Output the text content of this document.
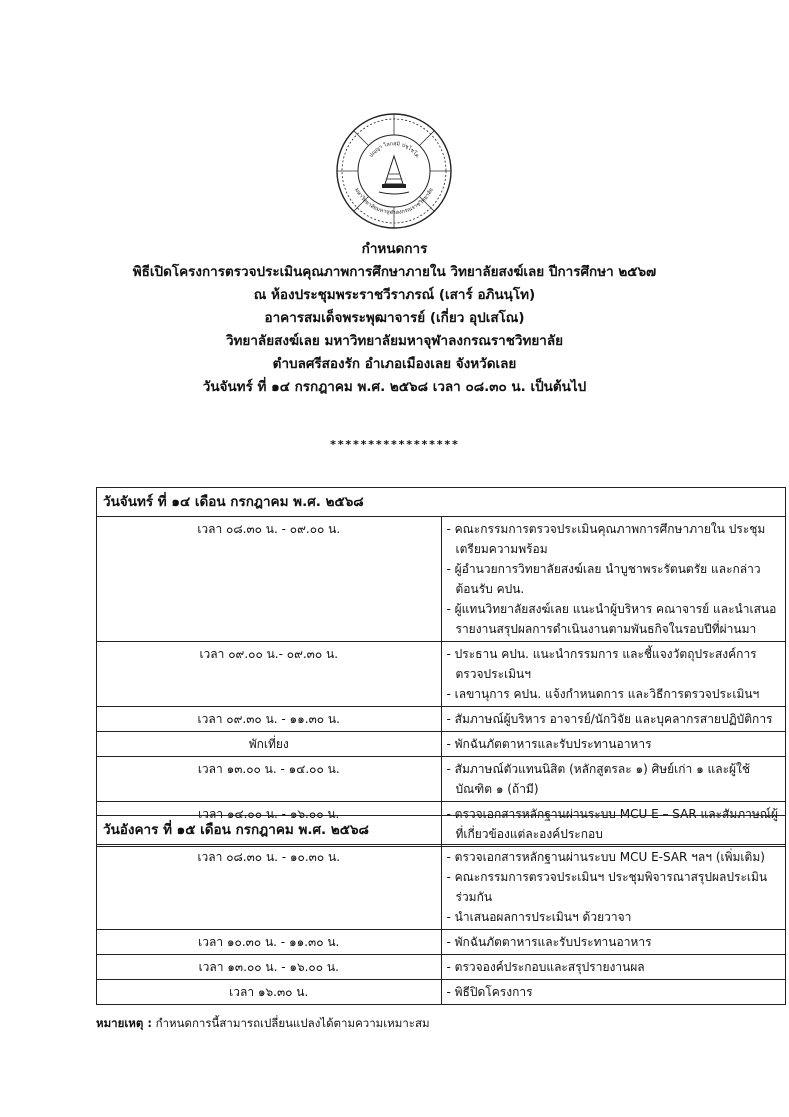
ปญฺญา โลกสฺมิ ปชฺโชโต
มหาวิทยาลัยมหาจุฬาลงกรณราชวิทยาลัย
กำหนดการ
พิธีเปิดโครงการตรวจประเมินคุณภาพการศึกษาภายใน วิทยาลัยสงฆ์เลย ปีการศึกษา ๒๕๖๗
ณ ห้องประชุมพระราชวีราภรณ์ (เสาร์ อภินนฺโท)
อาคารสมเด็จพระพุฒาจารย์ (เกี่ยว อุปเสโณ)
วิทยาลัยสงฆ์เลย มหาวิทยาลัยมหาจุฬาลงกรณราชวิทยาลัย
ตำบลศรีสองรัก อำเภอเมืองเลย จังหวัดเลย
วันจันทร์ ที่ ๑๔ กรกฎาคม พ.ศ. ๒๕๖๘ เวลา ๐๘.๓๐ น. เป็นต้นไป
*****************
วันจันทร์ ที่ ๑๔ เดือน กรกฎาคม พ.ศ. ๒๕๖๘	
เวลา ๐๘.๓๐ น. - ๐๙.๐๐ น.	- คณะกรรมการตรวจประเมินคุณภาพการศึกษาภายใน ประชุมเตรียมความพร้อม
- ผู้อำนวยการวิทยาลัยสงฆ์เลย นำบูชาพระรัตนตรัย และกล่าวต้อนรับ คปน.
- ผู้แทนวิทยาลัยสงฆ์เลย แนะนำผู้บริหาร คณาจารย์ และนำเสนอรายงานสรุปผลการดำเนินงานตามพันธกิจในรอบปีที่ผ่านมา

เวลา ๐๙.๐๐ น.- ๐๙.๓๐ น.	- ประธาน คปน. แนะนำกรรมการ และชี้แจงวัตถุประสงค์การตรวจประเมินฯ
- เลขานุการ คปน. แจ้งกำหนดการ และวิธีการตรวจประเมินฯ

เวลา ๐๙.๓๐ น. - ๑๑.๓๐ น.	- สัมภาษณ์ผู้บริหาร อาจารย์/นักวิจัย และบุคลากรสายปฏิบัติการ

พักเที่ยง	- พักฉันภัตตาหารและรับประทานอาหาร

เวลา ๑๓.๐๐ น. - ๑๔.๐๐ น.	- สัมภาษณ์ตัวแทนนิสิต (หลักสูตรละ ๑) ศิษย์เก่า ๑ และผู้ใช้บัณฑิต ๑ (ถ้ามี)

เวลา ๑๔.๐๐ น. - ๑๖.๐๐ น.	- ตรวจเอกสารหลักฐานผ่านระบบ MCU E – SAR และสัมภาษณ์ผู้ที่เกี่ยวข้องแต่ละองค์ประกอบ
วันอังคาร ที่ ๑๕ เดือน กรกฎาคม พ.ศ. ๒๕๖๘	
เวลา ๐๘.๓๐ น. - ๑๐.๓๐ น.	- ตรวจเอกสารหลักฐานผ่านระบบ MCU E-SAR ฯลฯ (เพิ่มเติม)
- คณะกรรมการตรวจประเมินฯ ประชุมพิจารณาสรุปผลประเมินร่วมกัน
- นำเสนอผลการประเมินฯ ด้วยวาจา

เวลา ๑๐.๓๐ น. - ๑๑.๓๐ น.	- พักฉันภัตตาหารและรับประทานอาหาร

เวลา ๑๓.๐๐ น. - ๑๖.๐๐ น.	- ตรวจองค์ประกอบและสรุปรายงานผล

เวลา ๑๖.๓๐ น.	- พิธีปิดโครงการ
หมายเหตุ : กำหนดการนี้สามารถเปลี่ยนแปลงได้ตามความเหมาะสม
